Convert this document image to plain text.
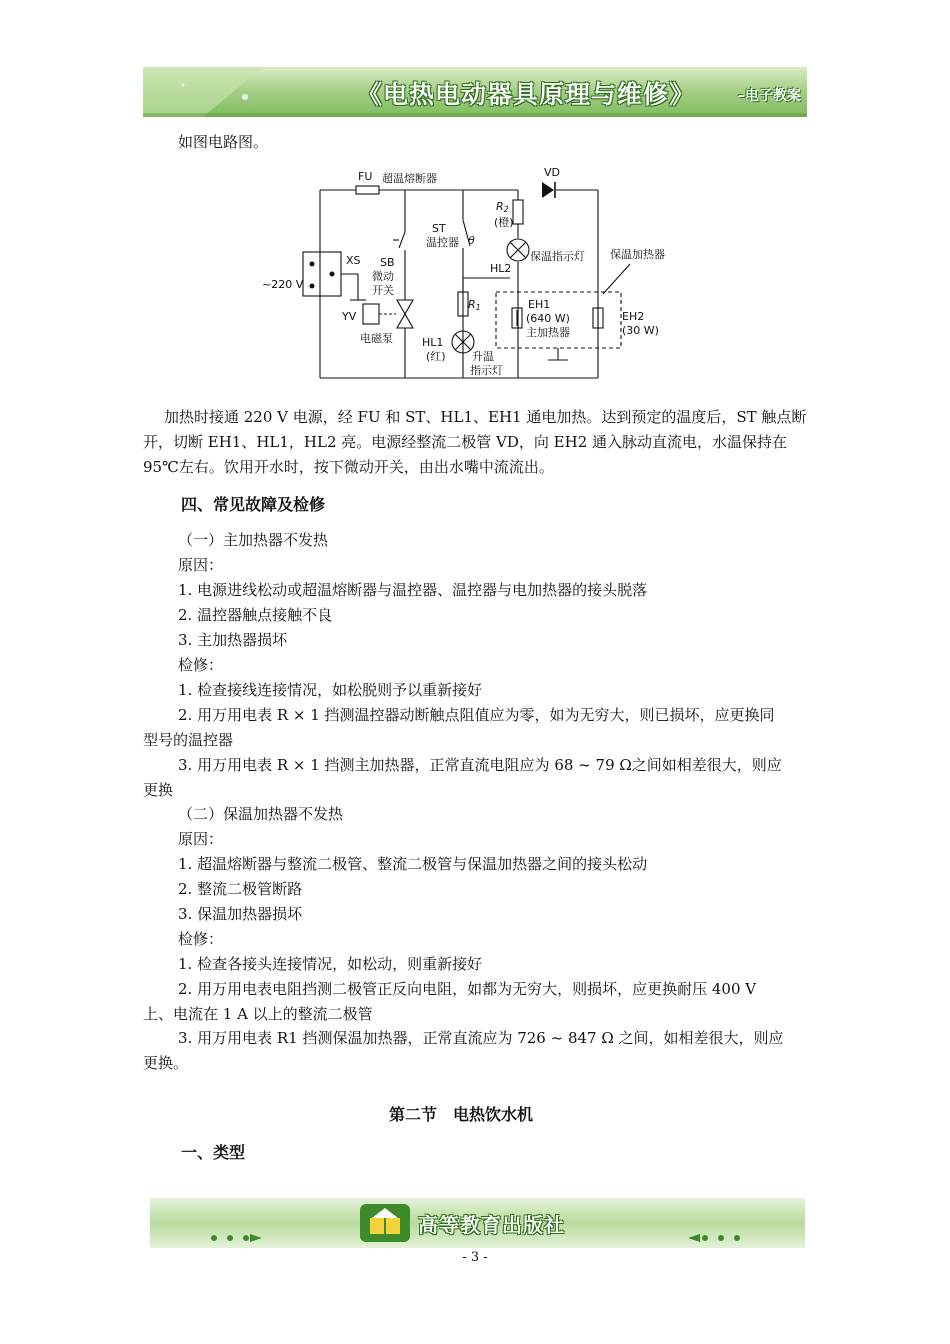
《电热电动器具原理与维修》	–电子教案

如图电路图。

FU 超温熔断器	VD
R2
(橙)
保温指示灯
HL2
ST
温控器 θ
XS SB
微动
开关
~220 V
YV
电磁泵
R1
HL1
(红) 升温
指示灯
EH1
(640 W)
主加热器
EH2
(30 W)
保温加热器

加热时接通 220 V 电源，经 FU 和 ST、HL1、EH1 通电加热。达到预定的温度后，ST 触点断

开，切断 EH1、HL1，HL2 亮。电源经整流二极管 VD，向 EH2 通入脉动直流电，水温保持在

95℃左右。饮用开水时，按下微动开关，由出水嘴中流流出。

四、常见故障及检修

（一）主加热器不发热

原因：

1. 电源进线松动或超温熔断器与温控器、温控器与电加热器的接头脱落

2. 温控器触点接触不良

3. 主加热器损坏

检修：

1. 检查接线连接情况，如松脱则予以重新接好

2. 用万用电表 R × 1 挡测温控器动断触点阻值应为零，如为无穷大，则已损坏，应更换同

型号的温控器

3. 用万用电表 R × 1 挡测主加热器，正常直流电阻应为 68 ~ 79 Ω之间如相差很大，则应

更换

（二）保温加热器不发热

原因：

1. 超温熔断器与整流二极管、整流二极管与保温加热器之间的接头松动

2. 整流二极管断路

3. 保温加热器损坏

检修：

1. 检查各接头连接情况，如松动，则重新接好

2. 用万用电表电阻挡测二极管正反向电阻，如都为无穷大，则损坏，应更换耐压 400 V

上、电流在 1 A 以上的整流二极管

3. 用万用电表 R1 挡测保温加热器，正常直流应为 726 ~ 847 Ω 之间，如相差很大，则应

更换。

第二节　电热饮水机

一、类型

高等教育出版社
- 3 -
